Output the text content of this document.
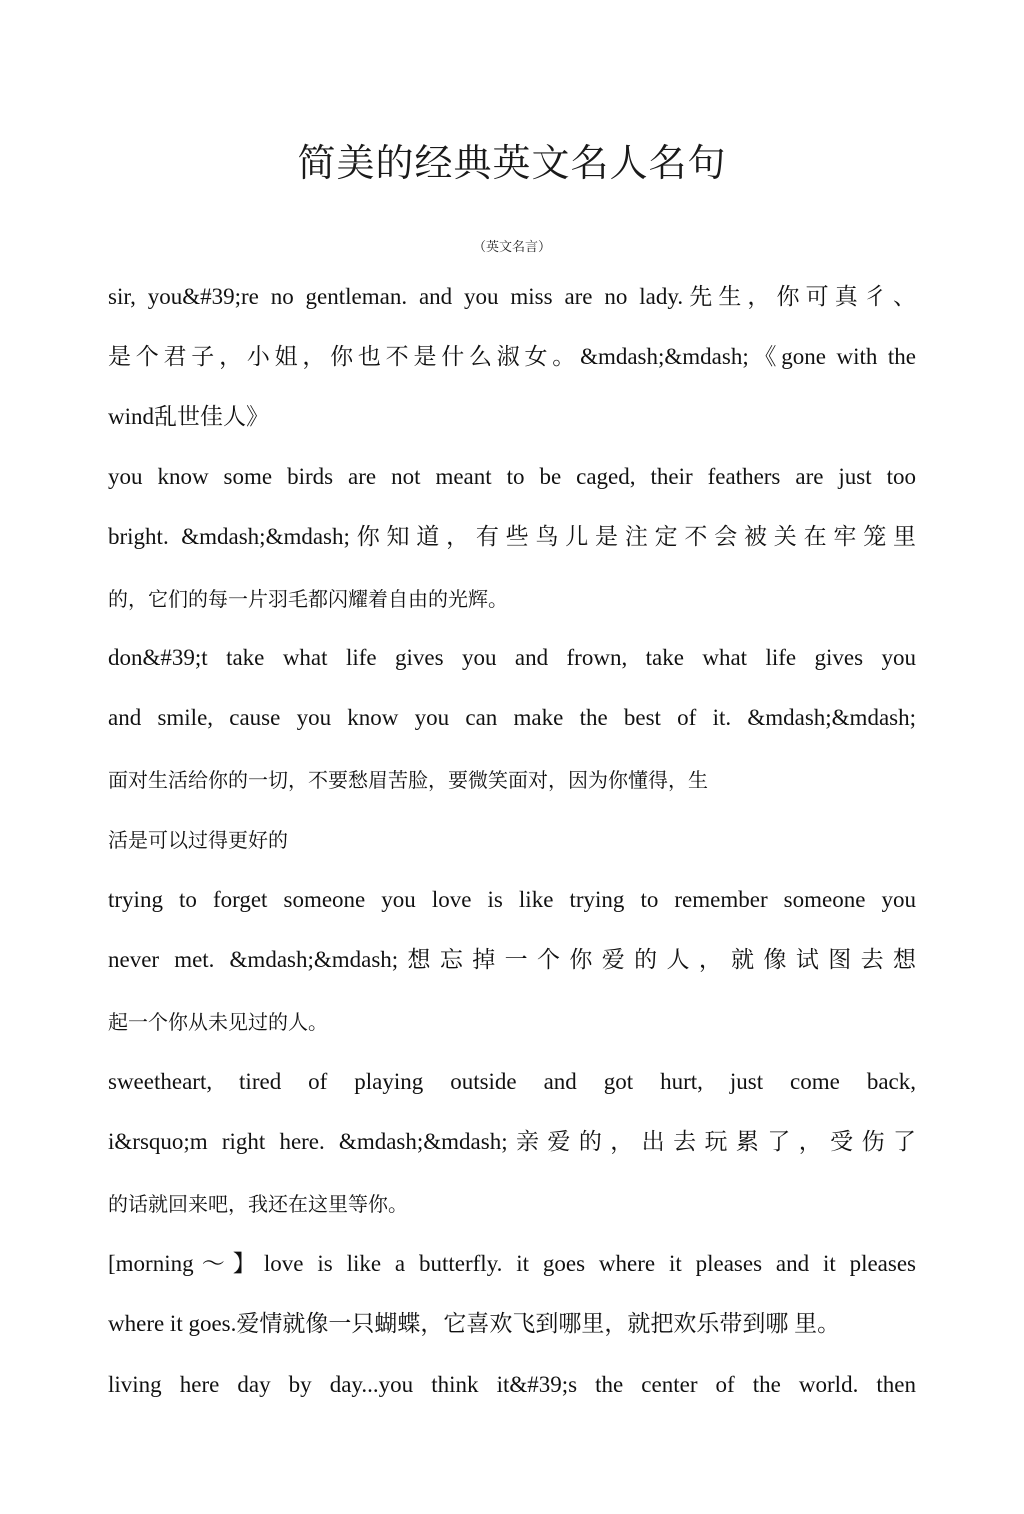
简美的经典英文名人名句
（英文名言）
sir, you&#39;re no gentleman. and you miss are no lady.先生，你可真彳、
是个君子，小姐，你也不是什么淑女。&mdash;&mdash;《gone with the
wind乱世佳人》
you know some birds are not meant to be caged, their feathers are just too
bright. &mdash;&mdash;你知道，有些鸟儿是注定不会被关在牢笼里
的，它们的每一片羽毛都闪耀着自由的光辉。
don&#39;t take what life gives you and frown, take what life gives you
and smile, cause you know you can make the best of it. &mdash;&mdash;
面对生活给你的一切，不要愁眉苦脸，要微笑面对，因为你懂得，生
活是可以过得更好的
trying to forget someone you love is like trying to remember someone you
never met. &mdash;&mdash;想忘掉一个你爱的人，就像试图去想
起一个你从未见过的人。
sweetheart, tired of playing outside and got hurt, just come back,
i&rsquo;m right here. &mdash;&mdash;亲爱的，出去玩累了，受伤了
的话就回来吧，我还在这里等你。
[morning～】love is like a butterfly. it goes where it pleases and it pleases
where it goes.爱情就像一只蝴蝶，它喜欢飞到哪里，就把欢乐带到哪 里。
living here day by day...you think it&#39;s the center of the world. then
